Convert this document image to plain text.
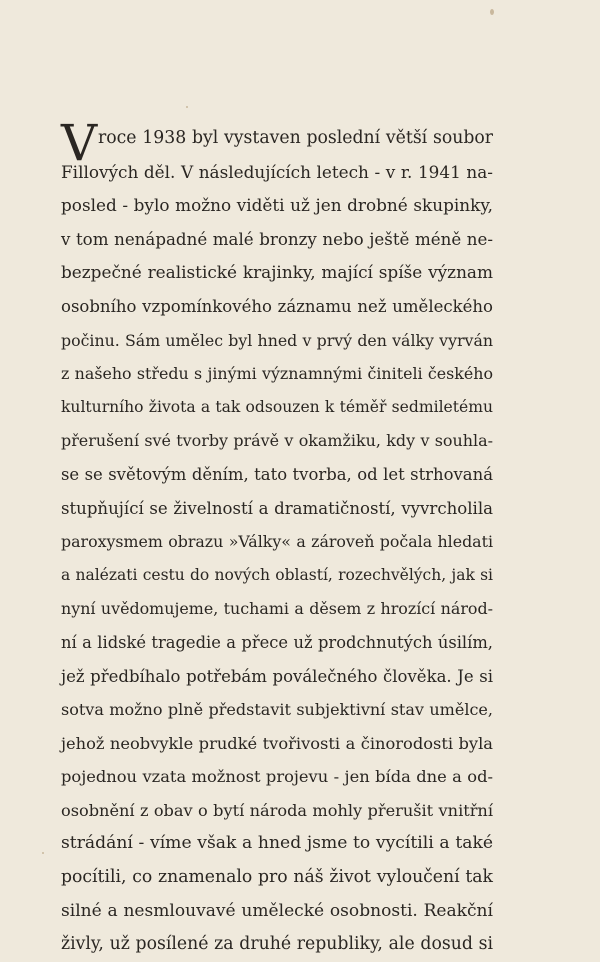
V roce 1938 byl vystaven poslední větší soubor
Fillových děl. V následujících letech - v r. 1941 na-
posled - bylo možno viděti už jen drobné skupinky,
v tom nenápadné malé bronzy nebo ještě méně ne-
bezpečné realistické krajinky, mající spíše význam
osobního vzpomínkového záznamu než uměleckého
počinu. Sám umělec byl hned v prvý den války vyrván
z našeho středu s jinými významnými činiteli českého
kulturního života a tak odsouzen k téměř sedmiletému
přerušení své tvorby právě v okamžiku, kdy v souhla-
se se světovým děním, tato tvorba, od let strhovaná
stupňující se živelností a dramatičností, vyvrcholila
paroxysmem obrazu »Války« a zároveň počala hledati
a nalézati cestu do nových oblastí, rozechvělých, jak si
nyní uvědomujeme, tuchami a děsem z hrozící národ-
ní a lidské tragedie a přece už prodchnutých úsilím,
jež předbíhalo potřebám poválečného člověka. Je si
sotva možno plně představit subjektivní stav umělce,
jehož neobvykle prudké tvořivosti a činorodosti byla
pojednou vzata možnost projevu - jen bída dne a od-
osobnění z obav o bytí národa mohly přerušit vnitřní
strádání - víme však a hned jsme to vycítili a také
pocítili, co znamenalo pro náš život vyloučení tak
silné a nesmlouvavé umělecké osobnosti. Reakční
živly, už posílené za druhé republiky, ale dosud si
